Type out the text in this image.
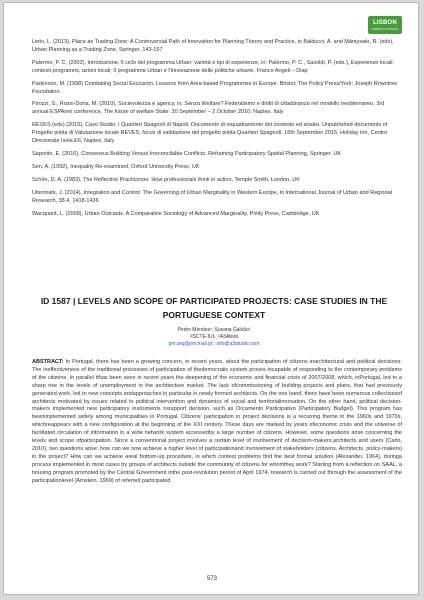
LISBON
URBAN PLANNING

Lieto, L. (2013), Place as Trading Zone: A Controversial Path of Innovation for Planning Theory and Practice, in Balducci, A. and Mäntysalo, R. (eds), Urban Planning as a Trading Zone, Springer, 143-157

Palermo, P. C. (2002), Introduzione. Il ciclo del programma Urban: varietà e tipi di esperienze, in: Palermo, P. C., Savoldi, P. (eds.), Esperienze locali: contesti programmi, azioni locali; Il programma Urban e l'innovazione delle politiche urbane, Franco Angeli – Diap

Parkinson, M. (1998) Combating Social Exclusion: Lessons from Area-based Programmes in Europe. Bristol: The Policy Press/York: Joseph Rowntree Foundation.

Pirozzi, S., Rossi-Doria, M. (2010), Socievolezza e agency, in: Senza Welfare? Federalismo e diritti di cittadinanza nel modello mediterraneo, 3rd annual ESPAnet conference, The future of welfare State: 30 September – 2 October 2010, Naples, Italy

REVES (eds) (2015), Caso Studio: i Quartieri Spagnoli di Napoli. Documento di inquadramento del contesto ed analisi. Unpublished documents of Progetto pilota di Valutazione locale REVES, focus di validazione del progetto pilota Quartieri Spagnoli, 16th September 2015, Holiday Inn, Centro Direzionale Isola E6, Naples, Italy

Saporito, E. (2016), Consensus Building Versus Irreconcilable Conflicts. Reframing Participatory Spatial Planning, Springer, UK

Sen, A. (1992), Inequality Re-examined, Oxford University Press, UK

Schön, D. A. (1983), The Reflective Practicioner. How professionals think in action, Temple Smith, London, UK

Uitermark, J. (2014), Integration and Control: The Governing of Urban Marginality in Western Europe, in International Journal of Urban and Regional Research, 38.4, 1418-1436

Wacquant, L. (2008), Urban Outcasts. A Comparative Sociology of Advanced Marginality, Polity Press, Cambridge, UK

ID 1587 | LEVELS AND SCOPE OF PARTICIPATED PROJECTS: CASE STUDIES IN THE PORTUGUESE CONTEXT
Pedro Mendes¹; Susana Galvão²
¹ISCTE-IUL; ²A3Atelio
pm.arq@pm.mail.pt ; info@a3studio.com

ABSTRACT: In Portugal, there has been a growing concern, in recent years, about the participation of citizens inarchitectural and political decisions. The ineffectiveness of the traditional processes of participation of thedemocratic system proves incapable of responding to the contemporary problems of the citizens. In parallel tthas been seen in recent years the deepening of the economic and financial crisis of 2007/2008, which, inPortugal, led to a sharp rise in the levels of unemployment in the architecture market. The lack ofcommissioning of building projects and plans, that had previously generated work, led to new concepts andapproaches in particular in newly formed architects. On the one hand, there have been numerous collectivesof architects motivated by issues related to political intervention and dynamics of social and territorialinnovation. On the other hand, political decision-makers implemented new participatory instruments tosupport decision, such as Orçamento Participativo (Participatory Budget). This program has beenimplemented widely among municipalities in Portugal. Citizens' participation in project decisions is a recurring theme in the 1960s and 1970s, whichreappears with a new configuration at the beginning of the XXI century. These days are marked by years ofeconomic crisis and the universe of facilitated circulation of information in a wide network system accessedby a large number of citizens. However, some questions arise concerning the levels and scope ofparticipation. Since a conventional project involves a certain level of involvement of decision-makers,architects and users (Carlo, 2010), two questions arise: how can we now achieve a higher level of participationand involvement of stakeholders (citizens, Architects, policy-makers) in the project? How can we achieve areal bottom-up procedure, in which context problems find the best formal solution (Alexander, 1964), duringa process implemented in most cases by groups of architects outside the community of citizens for whomthey work? Starting from a reflection on SAAL, a housing program promoted by the Central Government inthe post-revolution period of April 1974, research is carried out through the assessment of the participationlevel (Arnstein, 1969) of referred participated

573
